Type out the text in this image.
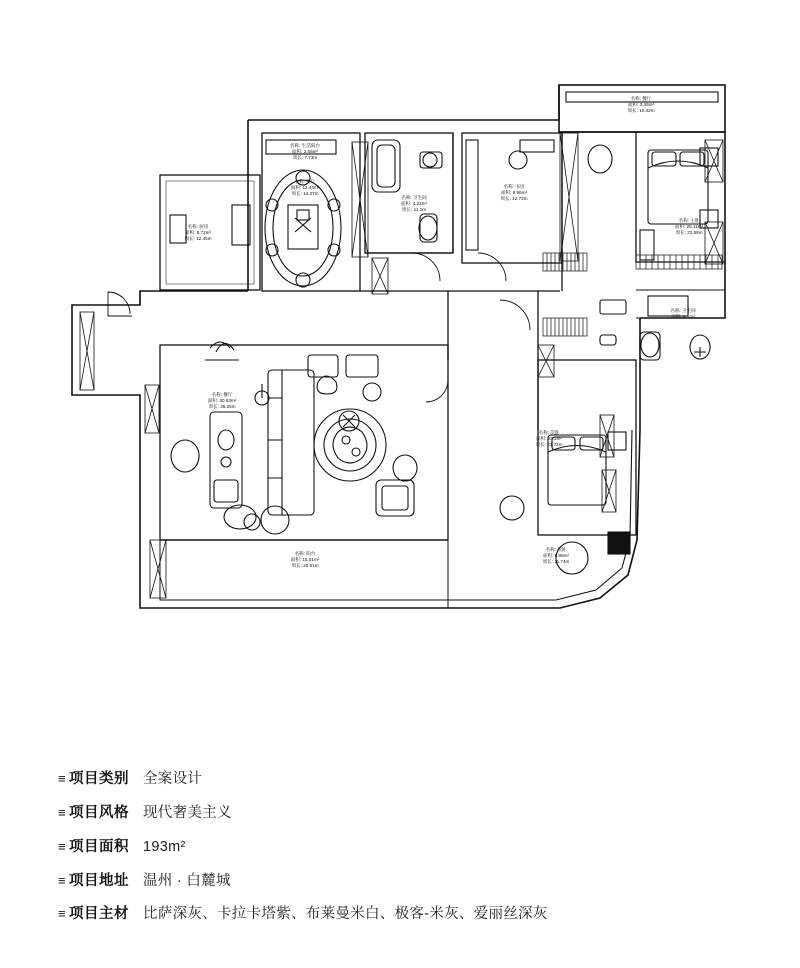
名称: 餐厅
面积: 3.46m²
周长: 10.42m
名称: 生活阳台
面积: 2.56m²
周长: 7.73m
名称: 餐厅
面积: 12.44m²
周长: 14.27m
名称: 卫生间
面积: 4.22m²
周长: 11.1m
名称: 书房
面积: 9.96m²
周长: 12.73m
名称: 主卧
面积: 25.11m²
周长: 23.58m
名称: 厨房
面积: 8.72m²
周长: 12.45m
名称: 卫生间
面积: 4.1m²
名称: 餐厅
面积: 30.63m²
周长: 36.25m
名称: 次卧
面积: 24.1m²
周长: 21.72m
名称: 阳台
面积: 15.51m²
周长: 20.61m
名称: 次卧
面积: 6.96m²
周长: 11.74m
≡ 项目类别 全案设计
≡ 项目风格 现代奢美主义
≡ 项目面积 193m²
≡ 项目地址 温州 · 白麓城
≡ 项目主材 比萨深灰、卡拉卡塔紫、布莱曼米白、极客-米灰、爱丽丝深灰
